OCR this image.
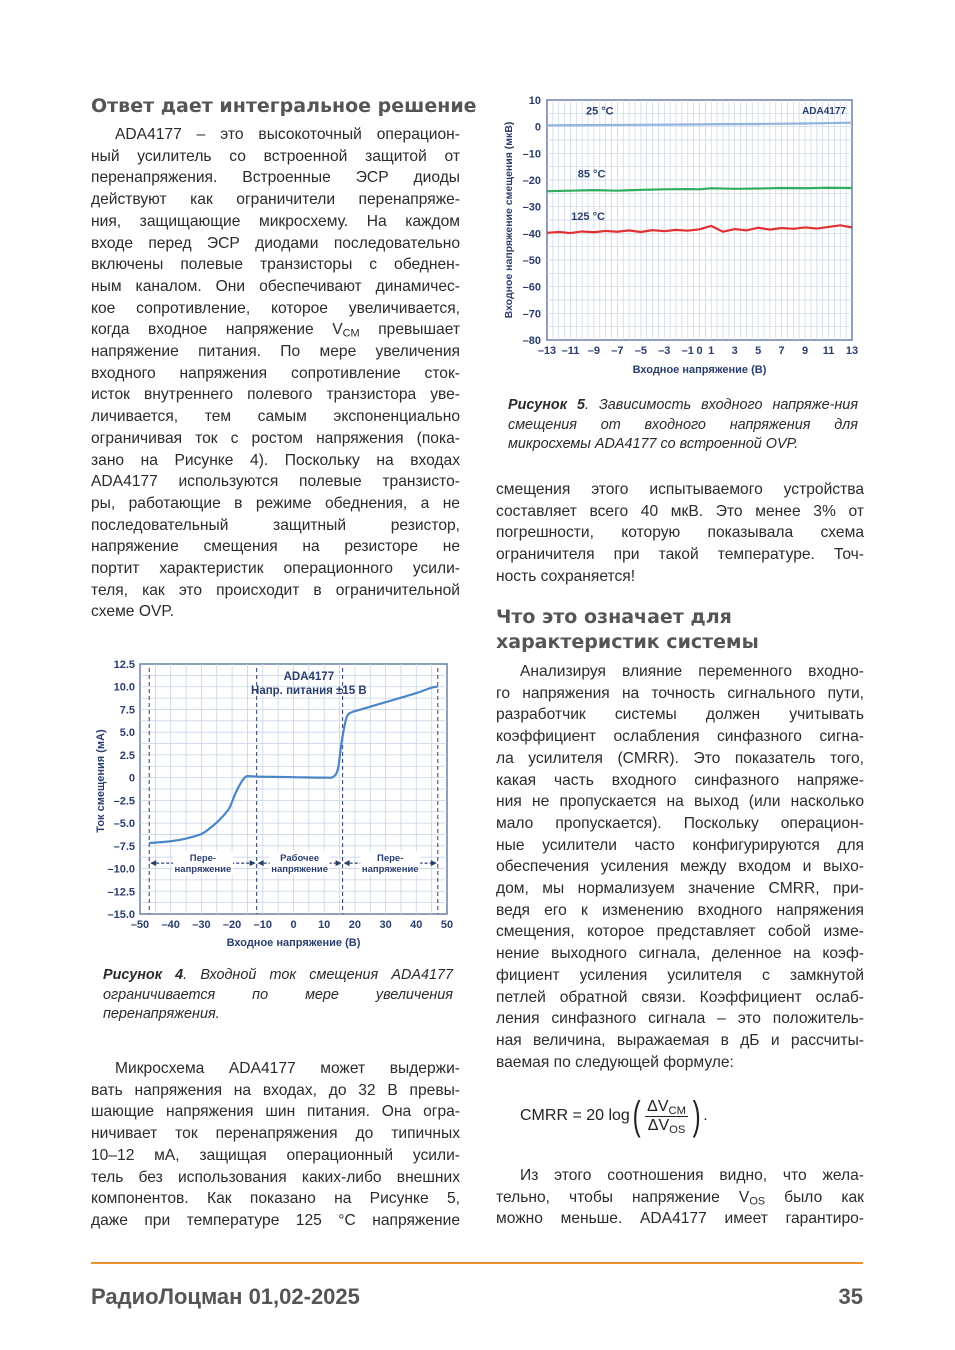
Ответ дает интегральное решение

ADA4177 – это высокоточный операцион-

ный усилитель со встроенной защитой от

перенапряжения. Встроенные ЭСР диоды

действуют как ограничители перенапряже-

ния, защищающие микросхему. На каждом

входе перед ЭСР диодами последовательно

включены полевые транзисторы с обеднен-

ным каналом. Они обеспечивают динамичес-

кое сопротивление, которое увеличивается,

когда входное напряжение $V_{CM}$ превышает

напряжение питания. По мере увеличения

входного напряжения сопротивление сток-

исток внутреннего полевого транзистора уве-

личивается, тем самым экспоненциально

ограничивая ток с ростом напряжения (пока-

зано на Рисунке 4). Поскольку на входах

ADA4177 используются полевые транзисто-

ры, работающие в режиме обеднения, а не

последовательный защитный резистор,

напряжение смещения на резисторе не

портит характеристик операционного усили-

теля, как это происходит в ограничительной

схеме OVP.

–50 –40 –30 –20 –10 0 10 20 30 40 50
12.5
10.0
7.5
5.0
2.5
0
–2.5
–5.0
–7.5
–10.0
–12.5
–15.0
Входное напряжение (В)
Ток смещения (мА)
ADA4177
Напр. питания ±15 В
Пере-
напряжение
Рабочее
напряжение
Пере-
напряжение
Рисунок 4. Входной ток смещения ADA4177 ограничивается по мере увеличения перенапряжения.

Микросхема ADA4177 может выдержи-

вать напряжения на входах, до 32 В превы-

шающие напряжения шин питания. Она огра-

ничивает ток перенапряжения до типичных

10–12 мА, защищая операционный усили-

тель без использования каких-либо внешних

компонентов. Как показано на Рисунке 5,

даже при температуре 125 °C напряжение

–13 –11 –9 –7 –5 –3 –1 0 1 3 5 7 9 11 13
10
0
–10
–20
–30
–40
–50
–60
–70
–80
Входное напряжение (В)
Входное напряжение смещения (мкВ)
ADA4177
25 °C
85 °C
125 °C
Рисунок 5. Зависимость входного напряже-ния смещения от входного напряжения для микросхемы ADA4177 со встроенной OVP.

смещения этого испытываемого устройства

составляет всего 40 мкВ. Это менее 3% от

погрешности, которую показывала схема

ограничителя при такой температуре. Точ-

ность сохраняется!

Что это означает для характеристик системы

Анализируя влияние переменного входно-

го напряжения на точность сигнального пути,

разработчик системы должен учитывать

коэффициент ослабления синфазного сигна-

ла усилителя (CMRR). Это показатель того,

какая часть входного синфазного напряже-

ния не пропускается на выход (или насколько

мало пропускается). Поскольку операцион-

ные усилители часто конфигурируются для

обеспечения усиления между входом и выхо-

дом, мы нормализуем значение CMRR, при-

ведя его к изменению входного напряжения

смещения, которое представляет собой изме-

нение выходного сигнала, деленное на коэф-

фициент усиления усилителя с замкнутой

петлей обратной связи. Коэффициент ослаб-

ления синфазного сигнала – это положитель-

ная величина, выражаемая в дБ и рассчиты-

ваемая по следующей формуле:

CMRR = 20 log ( $\frac{\Delta V_{CM}}{\Delta V_{OS}}$ ) .

Из этого соотношения видно, что жела-

тельно, чтобы напряжение $V_{OS}$ было как

можно меньше. ADA4177 имеет гарантиро-

РадиоЛоцман 01,02-2025	35
